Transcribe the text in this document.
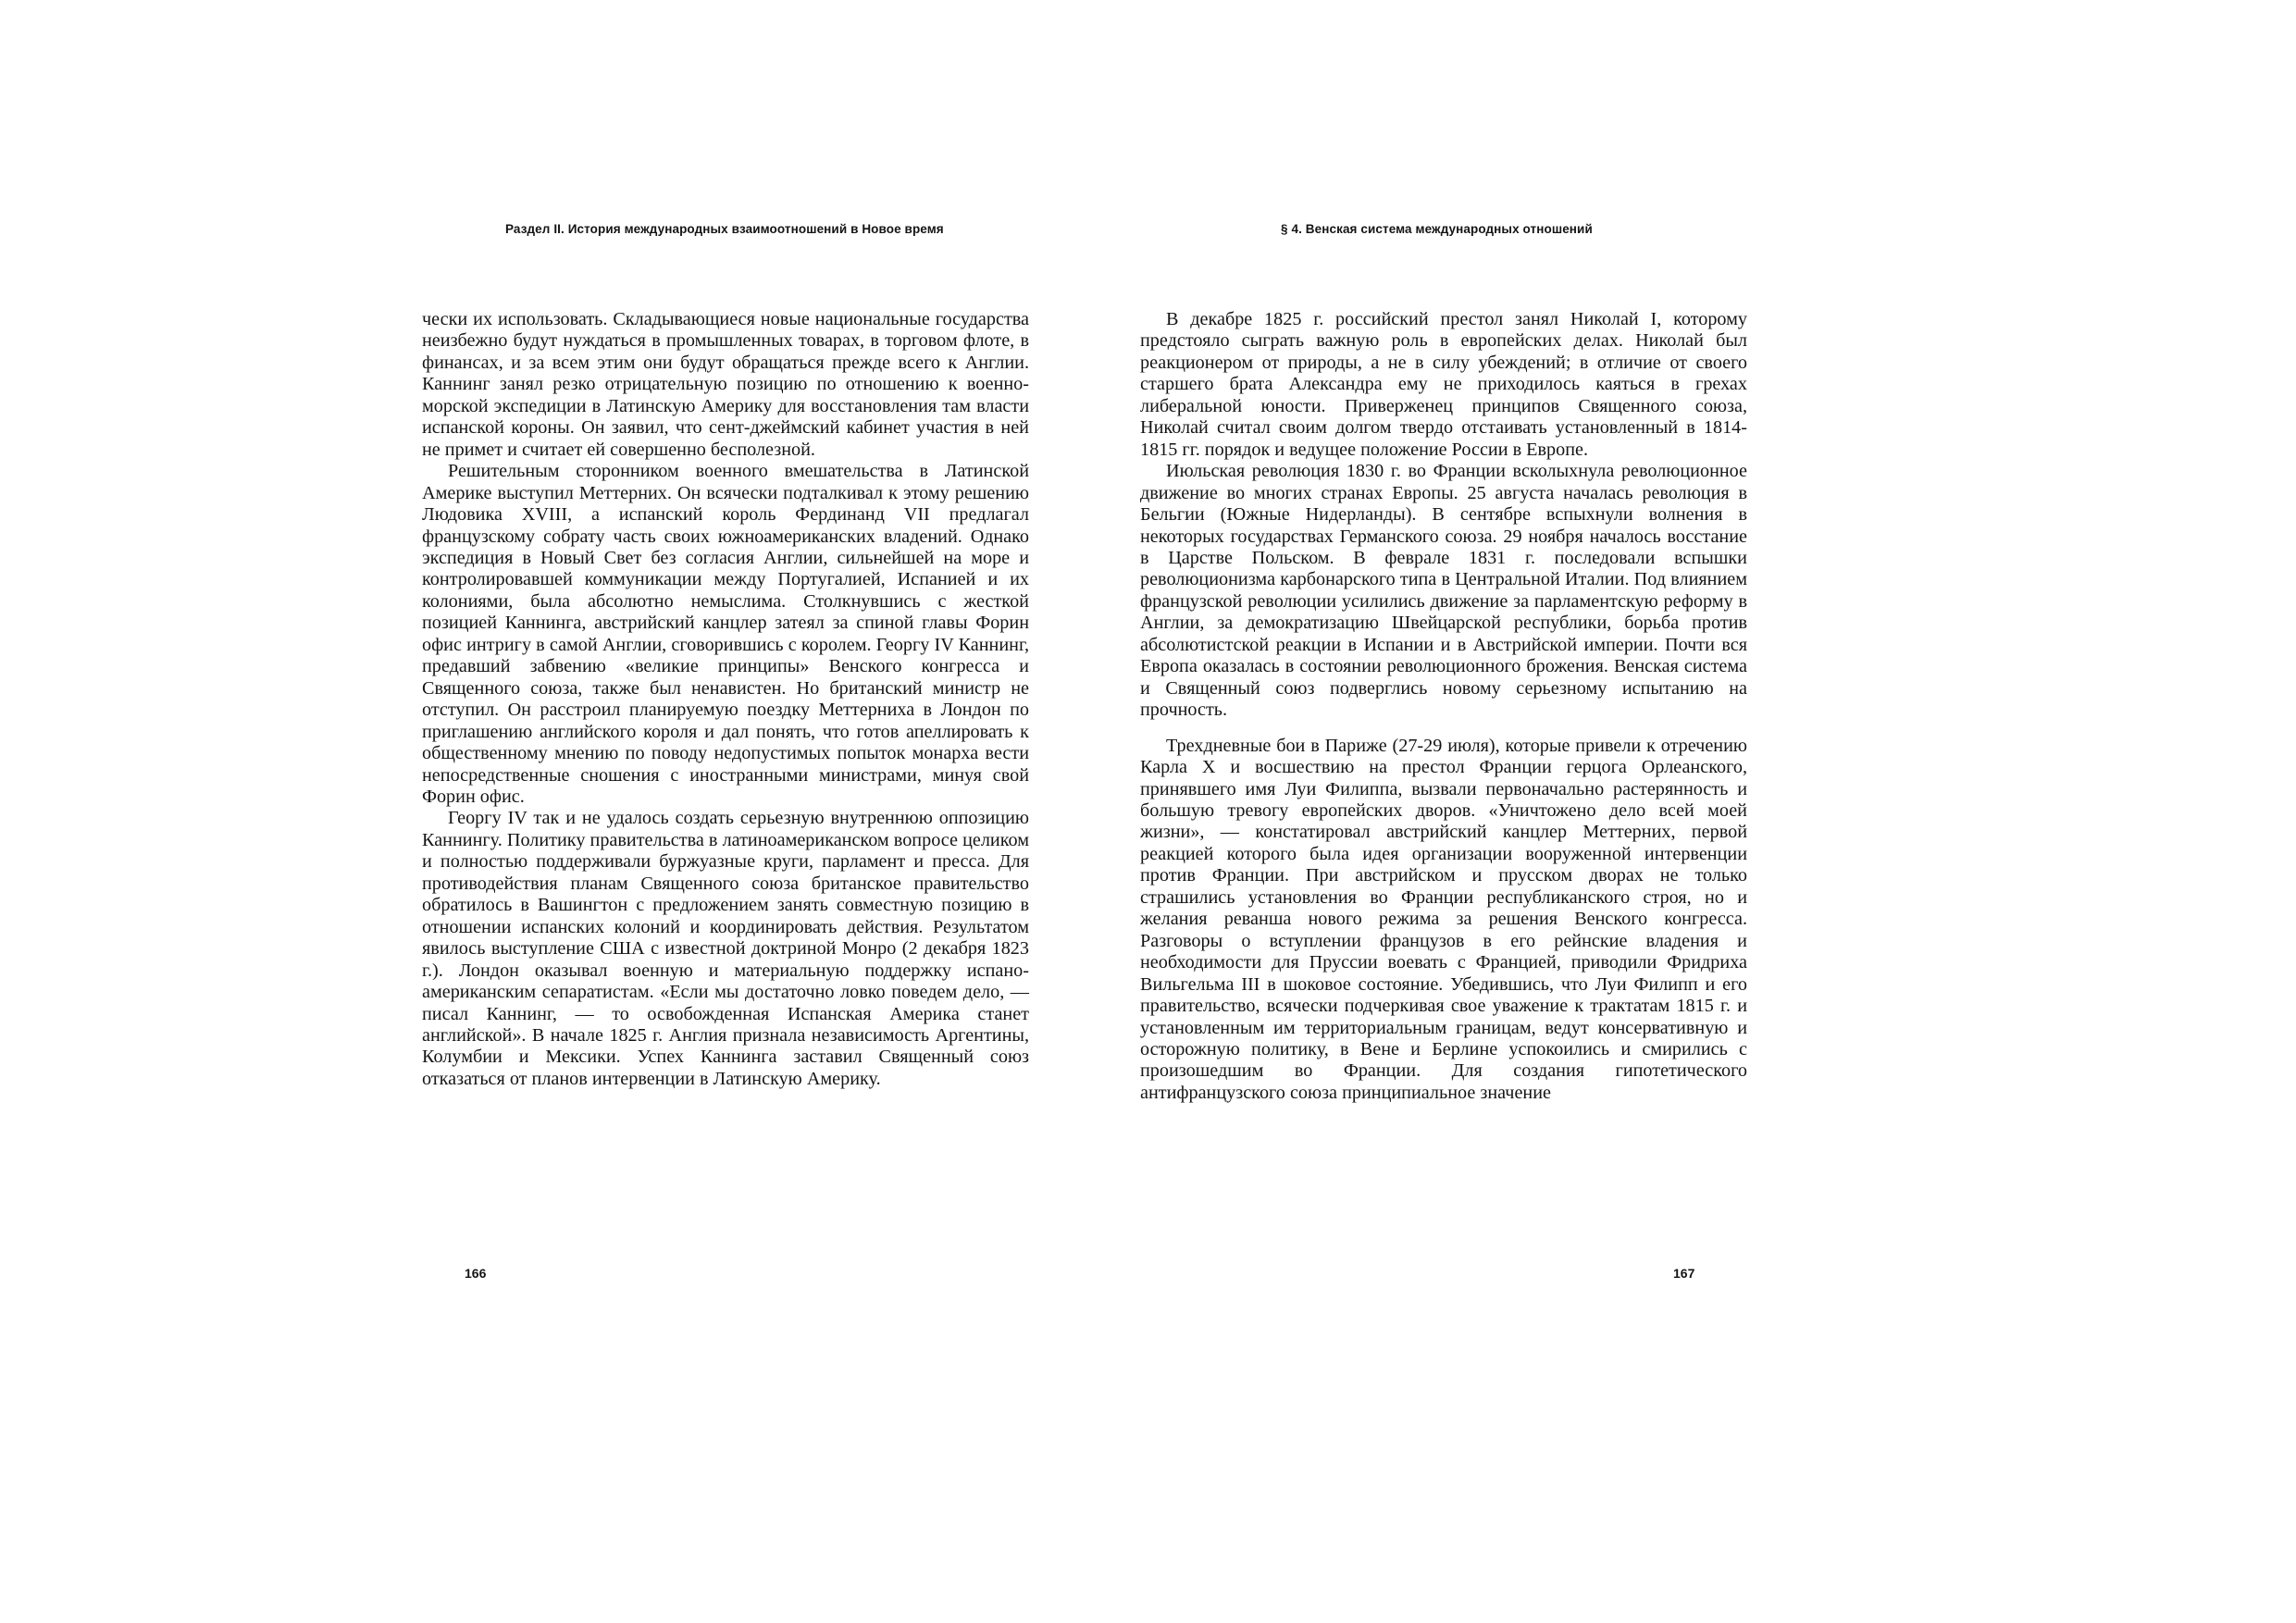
Раздел II. История международных взаимоотношений в Новое время

чески их использовать. Складывающиеся новые национальные государства неизбежно будут нуждаться в промышленных товарах, в торговом флоте, в финансах, и за всем этим они будут обращаться прежде всего к Англии. Каннинг занял резко отрицательную позицию по отношению к военно-морской экспедиции в Латинскую Америку для восстановления там власти испанской короны. Он заявил, что сент-джеймский кабинет участия в ней не примет и считает ей совершенно бесполезной.

Решительным сторонником военного вмешательства в Латинской Америке выступил Меттерних. Он всячески подталкивал к этому решению Людовика XVIII, а испанский король Фердинанд VII предлагал французскому собрату часть своих южноамериканских владений. Однако экспедиция в Новый Свет без согласия Англии, сильнейшей на море и контролировавшей коммуникации между Португалией, Испанией и их колониями, была абсолютно немыслима. Столкнувшись с жесткой позицией Каннинга, австрийский канцлер затеял за спиной главы Форин офис интригу в самой Англии, сговорившись с королем. Георгу IV Каннинг, предавший забвению «великие принципы» Венского конгресса и Священного союза, также был ненавистен. Но британский министр не отступил. Он расстроил планируемую поездку Меттерниха в Лондон по приглашению английского короля и дал понять, что готов апеллировать к общественному мнению по поводу недопустимых попыток монарха вести непосредственные сношения с иностранными министрами, минуя свой Форин офис.

Георгу IV так и не удалось создать серьезную внутреннюю оппозицию Каннингу. Политику правительства в латиноамериканском вопросе целиком и полностью поддерживали буржуазные круги, парламент и пресса. Для противодействия планам Священного союза британское правительство обратилось в Вашингтон с предложением занять совместную позицию в отношении испанских колоний и координировать действия. Результатом явилось выступление США с известной доктриной Монро (2 декабря 1823 г.). Лондон оказывал военную и материальную поддержку испано-американским сепаратистам. «Если мы достаточно ловко поведем дело, — писал Каннинг, — то освобожденная Испанская Америка станет английской». В начале 1825 г. Англия признала независимость Аргентины, Колумбии и Мексики. Успех Каннинга заставил Священный союз отказаться от планов интервенции в Латинскую Америку.

166
§ 4. Венская система международных отношений

В декабре 1825 г. российский престол занял Николай I, которому предстояло сыграть важную роль в европейских делах. Николай был реакционером от природы, а не в силу убеждений; в отличие от своего старшего брата Александра ему не приходилось каяться в грехах либеральной юности. Приверженец принципов Священного союза, Николай считал своим долгом твердо отстаивать установленный в 1814-1815 гг. порядок и ведущее положение России в Европе.

Июльская революция 1830 г. во Франции всколыхнула революционное движение во многих странах Европы. 25 августа началась революция в Бельгии (Южные Нидерланды). В сентябре вспыхнули волнения в некоторых государствах Германского союза. 29 ноября началось восстание в Царстве Польском. В феврале 1831 г. последовали вспышки революционизма карбонарского типа в Центральной Италии. Под влиянием французской революции усилились движение за парламентскую реформу в Англии, за демократизацию Швейцарской республики, борьба против абсолютистской реакции в Испании и в Австрийской империи. Почти вся Европа оказалась в состоянии революционного брожения. Венская система и Священный союз подверглись новому серьезному испытанию на прочность.

Трехдневные бои в Париже (27-29 июля), которые привели к отречению Карла X и восшествию на престол Франции герцога Орлеанского, принявшего имя Луи Филиппа, вызвали первоначально растерянность и большую тревогу европейских дворов. «Уничтожено дело всей моей жизни», — констатировал австрийский канцлер Меттерних, первой реакцией которого была идея организации вооруженной интервенции против Франции. При австрийском и прусском дворах не только страшились установления во Франции республиканского строя, но и желания реванша нового режима за решения Венского конгресса. Разговоры о вступлении французов в его рейнские владения и необходимости для Пруссии воевать с Францией, приводили Фридриха Вильгельма III в шоковое состояние. Убедившись, что Луи Филипп и его правительство, всячески подчеркивая свое уважение к трактатам 1815 г. и установленным им территориальным границам, ведут консервативную и осторожную политику, в Вене и Берлине успокоились и смирились с произошедшим во Франции. Для создания гипотетического антифранцузского союза принципиальное значение

167
